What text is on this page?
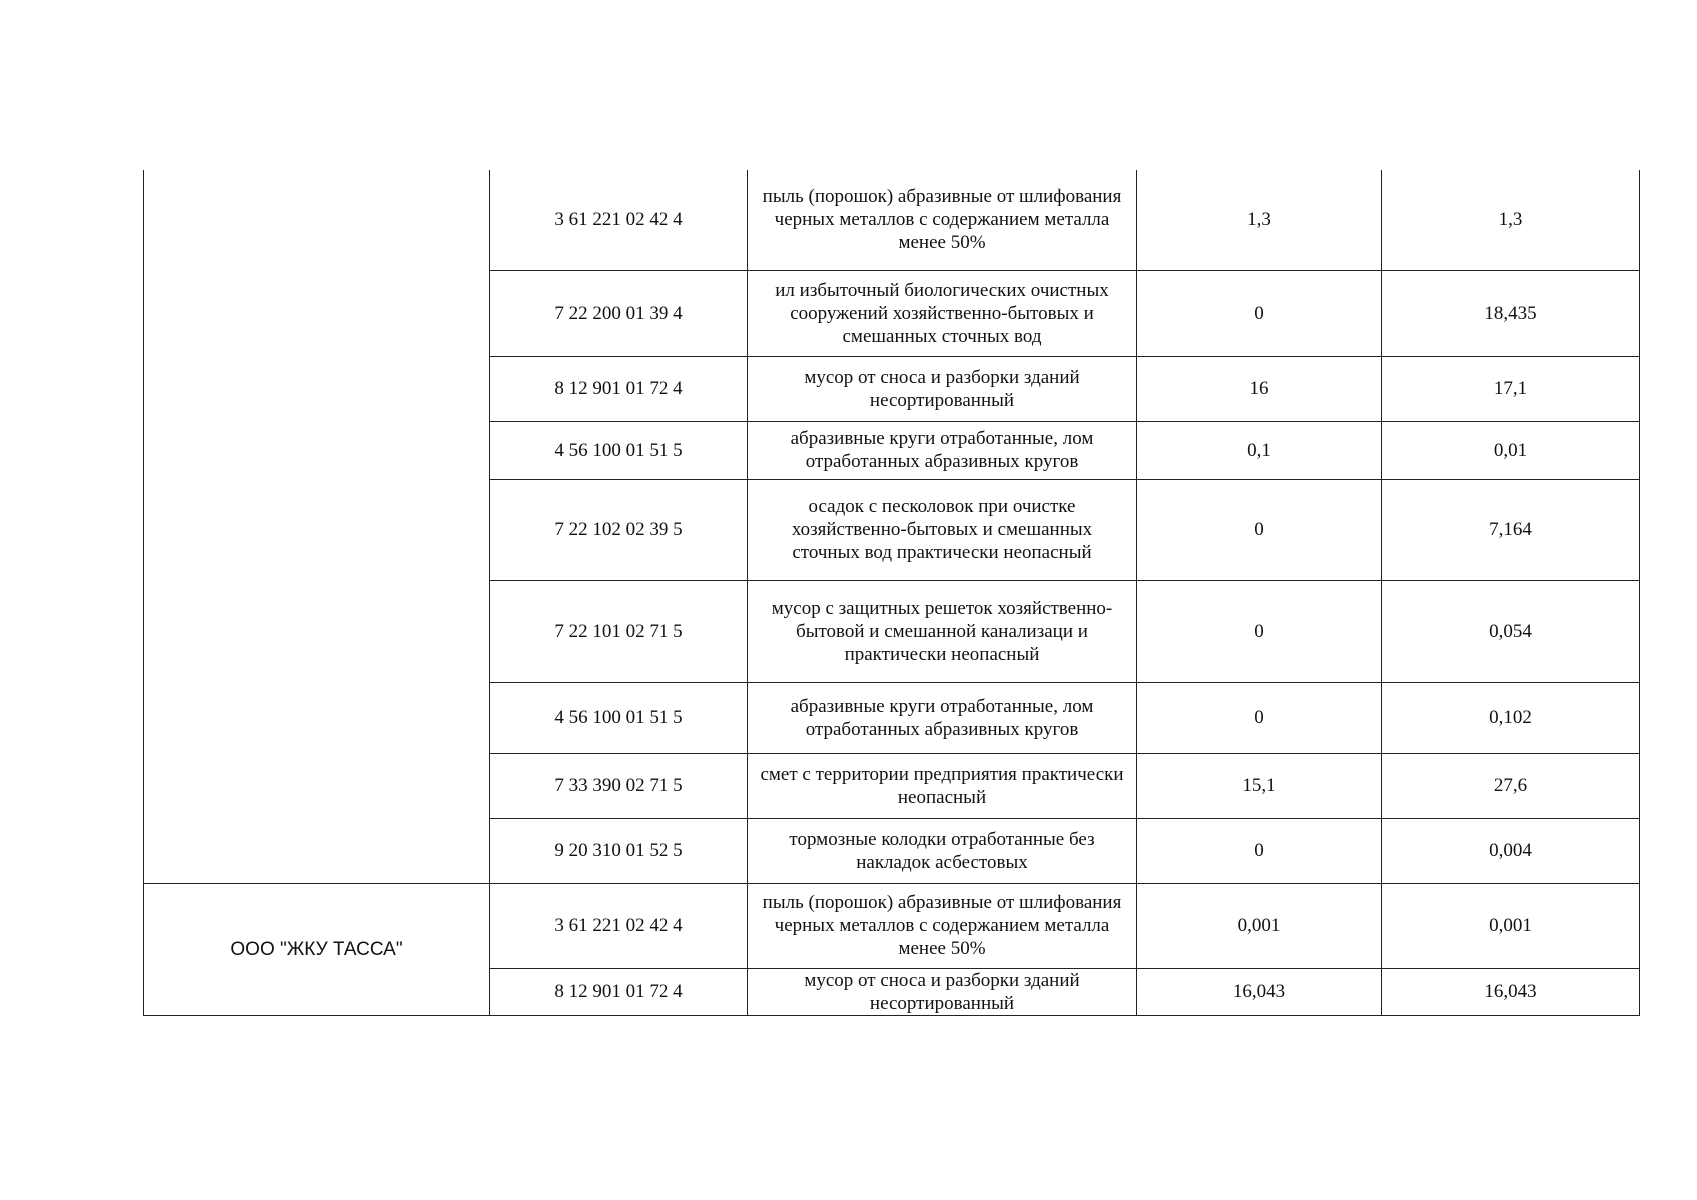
	3 61 221 02 42 4	пыль (порошок) абразивные от шлифования черных металлов с содержанием металла менее 50%	1,3	1,3
	7 22 200 01 39 4	ил избыточный биологических очистных сооружений хозяйственно-бытовых и смешанных сточных вод	0	18,435
	8 12 901 01 72 4	мусор от сноса и разборки зданий несортированный	16	17,1
	4 56 100 01 51 5	абразивные круги отработанные, лом отработанных абразивных кругов	0,1	0,01
	7 22 102 02 39 5	осадок с песколовок при очистке хозяйственно-бытовых и смешанных сточных вод практически неопасный	0	7,164
	7 22 101 02 71 5	мусор с защитных решеток хозяйственно-бытовой и смешанной канализаци и практически неопасный	0	0,054
	4 56 100 01 51 5	абразивные круги отработанные, лом отработанных абразивных кругов	0	0,102
	7 33 390 02 71 5	смет с территории предприятия практически неопасный	15,1	27,6
	9 20 310 01 52 5	тормозные колодки отработанные без накладок асбестовых	0	0,004
ООО "ЖКУ ТАССА"	3 61 221 02 42 4	пыль (порошок) абразивные от шлифования черных металлов с содержанием металла менее 50%	0,001	0,001
	8 12 901 01 72 4	мусор от сноса и разборки зданий несортированный	16,043	16,043
